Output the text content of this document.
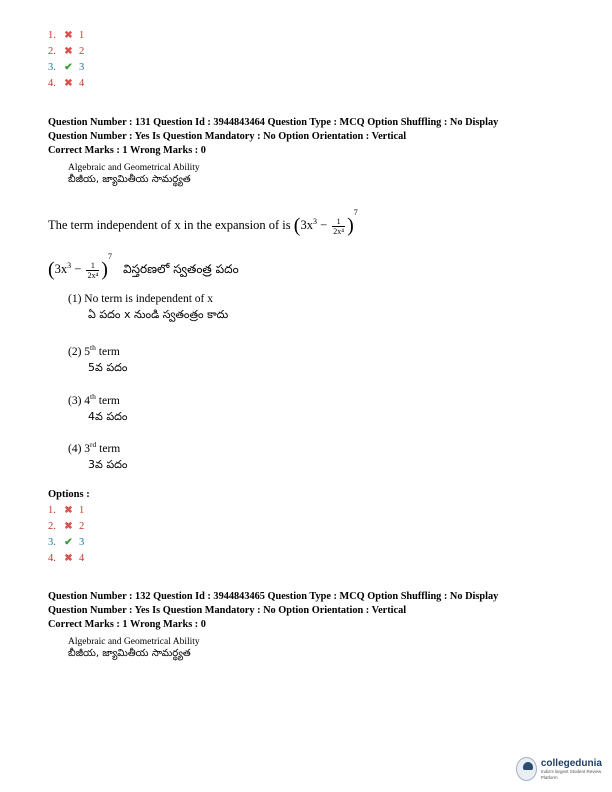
1. ✖ 1
2. ✖ 2
3. ✔ 3
4. ✖ 4
Question Number : 131 Question Id : 3944843464 Question Type : MCQ Option Shuffling : No Display
Question Number : Yes Is Question Mandatory : No Option Orientation : Vertical
Correct Marks : 1 Wrong Marks : 0
Algebraic and Geometrical Ability
బీజీయ, జ్యామితీయ సామర్థ్యత
The term independent of x in the expansion of is $(3x^3 - \frac{1}{\text{2x⁴}} )^7$
$(3x^3 - \frac{1}{\text{2x⁴}} )^7$ విస్తరణలో స్వతంత్ర పదం
(1) No term is independent of x
ఏ పదం x నుండి స్వతంత్రం కాదు
(2) 5th term
5వ పదం
(3) 4th term
4వ పదం
(4) 3rd term
3వ పదం
Options :
1. ✖ 1
2. ✖ 2
3. ✔ 3
4. ✖ 4
Question Number : 132 Question Id : 3944843465 Question Type : MCQ Option Shuffling : No Display
Question Number : Yes Is Question Mandatory : No Option Orientation : Vertical
Correct Marks : 1 Wrong Marks : 0
Algebraic and Geometrical Ability
బీజీయ, జ్యామితీయ సామర్థ్యత
collegedunia
India's largest Student Review Platform
